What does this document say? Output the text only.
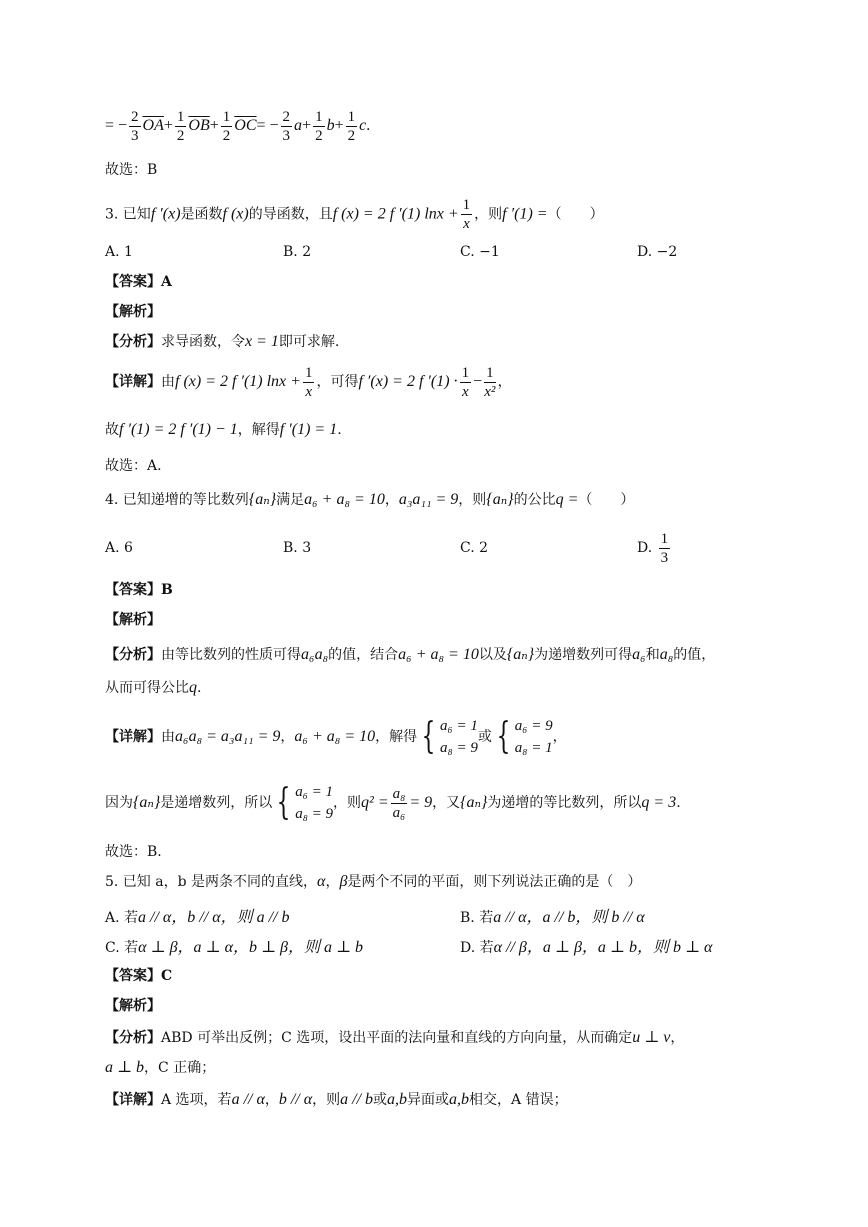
= − $\frac{2}{3} \overline{OA}+ \frac{1}{2} \overline{OB}+ \frac{1}{2} \overline{OC}= - \frac{2}{3} a+ \frac{1}{2} b+ \frac{1}{2} c$.
故选：B
3. 已知f ′(x)是函数f (x)的导函数，且f (x) = 2 f ′(1) $\ln x + \frac{1}{x}$ ，则f ′(1) =（　　）
A. 1	B. 2	C. −1	D. −2
【答案】A
【解析】
【分析】求导函数，令x = 1即可求解.
【详解】由f (x) = 2 f ′(1) $\ln x + \frac{1}{x}$ ，可得f ′(x) = 2 f $'(1) \cdot \frac{1}{x} - \frac{1}{\text{x²}}$ ，
故f ′(1) = 2 f ′(1) − 1，解得f ′(1) = 1.
故选：A.
4. 已知递增的等比数列{aₙ}满足a₆ + a₈ = 10，a₃a₁₁ = 9，则{aₙ}的公比q =（　　）
A. 6	B. 3	C. 2	D. $\frac{1}{3}$
【答案】B
【解析】
【分析】由等比数列的性质可得a₆a₈的值，结合a₆ + a₈ = 10以及{aₙ}为递增数列可得a₆和a₈的值，
从而可得公比q.
【详解】由a₆a₈ = a₃a₁₁ = 9，a₆ + a₈ = 10，解得 { a₆ = 1
a₈ = 9
或 { a₆ = 9
a₈ = 1
，
因为{aₙ}是递增数列，所以 { a₆ = 1
a₈ = 9
，则$q^2 = \frac{\text{a₈}}{\text{a₆}} = 9$，又{aₙ}为递增的等比数列，所以q = 3.
故选：B.
5. 已知 a，b 是两条不同的直线，α，β是两个不同的平面，则下列说法正确的是（　）
A. 若a // α，b // α，则 a // b	B. 若a // α，a // b，则 b // α
C. 若α ⊥ β，a ⊥ α，b ⊥ β，则 a ⊥ b	D. 若α // β，a ⊥ β，a ⊥ b，则 b ⊥ α
【答案】C
【解析】
【分析】ABD 可举出反例；C 选项，设出平面的法向量和直线的方向向量，从而确定u ⊥ v，
a ⊥ b，C 正确；
【详解】A 选项，若a // α，b // α，则a // b或a,b异面或a,b相交，A 错误；
